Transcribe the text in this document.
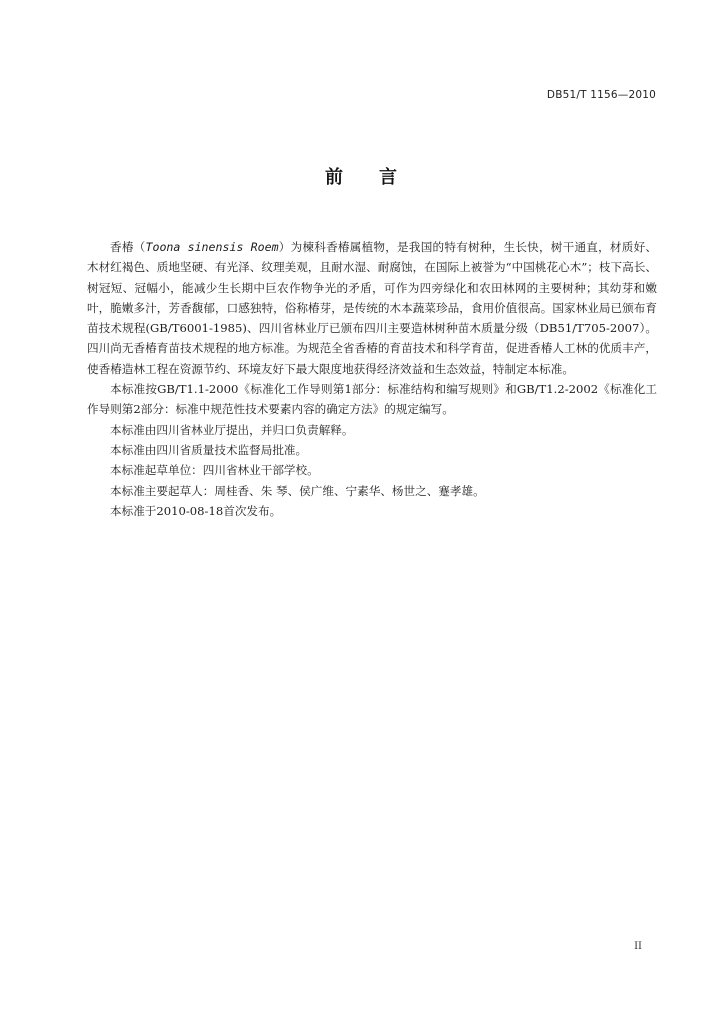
DB51/T 1156—2010
前 言

香椿（Toona sinensis Roem）为楝科香椿属植物，是我国的特有树种，生长快，树干通直，材质好、木材红褐色、质地坚硬、有光泽、纹理美观，且耐水湿、耐腐蚀，在国际上被誉为“中国桃花心木”；枝下高长、树冠短、冠幅小，能减少生长期中巨农作物争光的矛盾，可作为四旁绿化和农田林网的主要树种；其幼芽和嫩叶，脆嫩多汁，芳香馥郁，口感独特，俗称椿芽，是传统的木本蔬菜珍品，食用价值很高。国家林业局已颁布育苗技术规程(GB/T6001-1985)、四川省林业厅已颁布四川主要造林树种苗木质量分级（DB51/T705-2007）。四川尚无香椿育苗技术规程的地方标准。为规范全省香椿的育苗技术和科学育苗，促进香椿人工林的优质丰产，使香椿造林工程在资源节约、环境友好下最大限度地获得经济效益和生态效益，特制定本标准。

本标准按GB/T1.1-2000《标准化工作导则第1部分：标准结构和编写规则》和GB/T1.2-2002《标准化工作导则第2部分：标准中规范性技术要素内容的确定方法》的规定编写。

本标准由四川省林业厅提出，并归口负责解释。

本标准由四川省质量技术监督局批准。

本标准起草单位：四川省林业干部学校。

本标准主要起草人：周桂香、朱 琴、侯广维、宁素华、杨世之、蹇孝雄。

本标准于2010-08-18首次发布。

II
